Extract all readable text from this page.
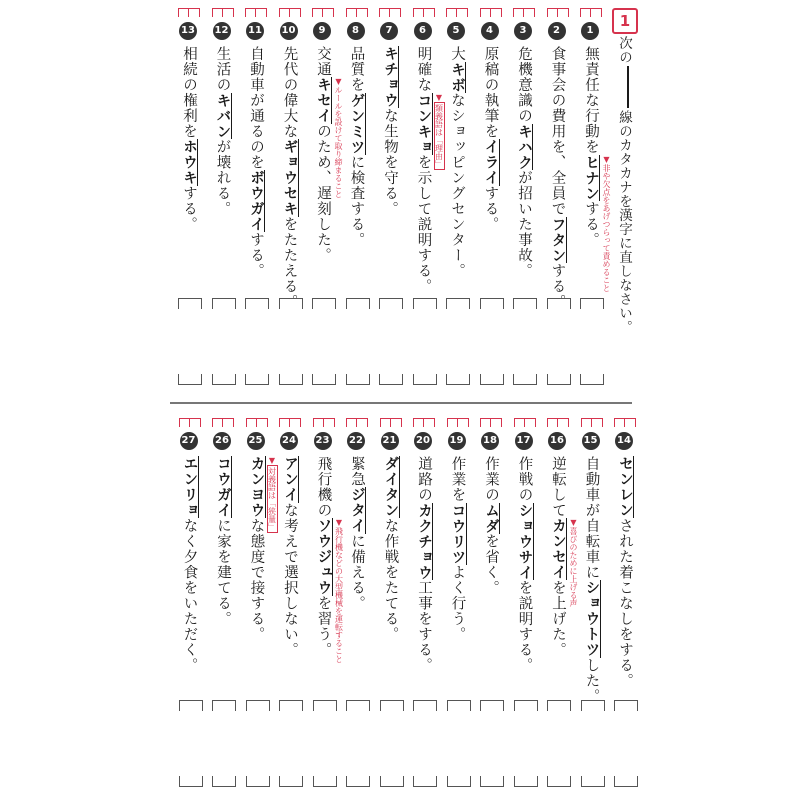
1
次の線のカタカナを漢字に直しなさい。
1
無責任な行動をヒナンする。 ▼非や欠点をあげつらって責めること
2
食事会の費用を、全員でフタンする。
3
危機意識のキハクが招いた事故。
4
原稿の執筆をイライする。
5
大キボなショッピングセンター。
6
明確なコンキョを示して説明する。
▼類義語は「理由」
7
キチョウな生物を守る。
8
品質をゲンミツに検査する。
9
交通キセイのため、遅刻した。 ▼ルールを設けて取り締まること
10
先代の偉大なギョウセキをたたえる。
11
自動車が通るのをボウガイする。
12
生活のキバンが壊れる。
13
相続の権利をホウキする。
14
センレンされた着こなしをする。
15
自動車が自転車にショウトツした。
16
逆転してカンセイを上げた。
▼喜びのために上げる声
17
作戦のショウサイを説明する。
18
作業のムダを省く。
19
作業をコウリツよく行う。
20
道路のカクチョウ工事をする。
21
ダイタンな作戦をたてる。
22
緊急ジタイに備える。
23
飛行機のソウジュウを習う。 ▼飛行機などの大型機械を運転すること
24
アンイな考えで選択しない。
25
カンヨウな態度で接する。
▼対義語は「狭量」
26
コウガイに家を建てる。
27
エンリョなく夕食をいただく。
